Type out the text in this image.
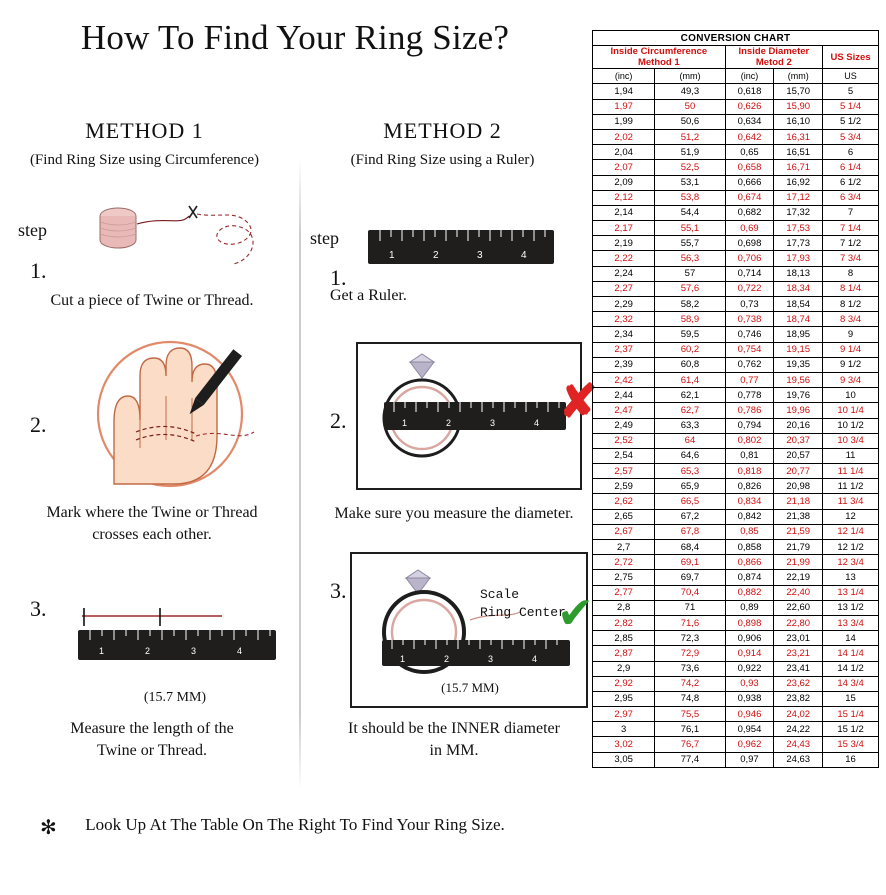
How To Find Your Ring Size?
METHOD 1
(Find Ring Size using Circumference)
METHOD 2
(Find Ring Size using a Ruler)
step
1.
Cut a piece of Twine or Thread.
2.
Mark where the Twine or Thread
crosses each other.
3.
1	2	3	4
(15.7 MM)
Measure the length of the
Twine or Thread.
step
1.
1	2	3	4
Get a Ruler.
2.	1	2	3	4 ✘
Make sure you measure the diameter.
3.
1	2	3	4
Scale
Ring Center
✔
(15.7 MM)
It should be the INNER diameter
in MM.
✻	Look Up At The Table On The Right To Find Your Ring Size.
CONVERSION CHART				

Inside Circumference
Method 1

Inside Diameter
Metod 2	US Sizes
(inc)	(mm)	(inc)	(mm)	US
1,94	49,3	0,618	15,70	5
1,97	50	0,626	15,90	5 1/4
1,99	50,6	0,634	16,10	5 1/2
2,02	51,2	0,642	16,31	5 3/4
2,04	51,9	0,65	16,51	6
2,07	52,5	0,658	16,71	6 1/4
2,09	53,1	0,666	16,92	6 1/2
2,12	53,8	0,674	17,12	6 3/4
2,14	54,4	0,682	17,32	7
2,17	55,1	0,69	17,53	7 1/4
2,19	55,7	0,698	17,73	7 1/2
2,22	56,3	0,706	17,93	7 3/4
2,24	57	0,714	18,13	8
2,27	57,6	0,722	18,34	8 1/4
2,29	58,2	0,73	18,54	8 1/2
2,32	58,9	0,738	18,74	8 3/4
2,34	59,5	0,746	18,95	9
2,37	60,2	0,754	19,15	9 1/4
2,39	60,8	0,762	19,35	9 1/2
2,42	61,4	0,77	19,56	9 3/4
2,44	62,1	0,778	19,76	10
2,47	62,7	0,786	19,96	10 1/4
2,49	63,3	0,794	20,16	10 1/2
2,52	64	0,802	20,37	10 3/4
2,54	64,6	0,81	20,57	11
2,57	65,3	0,818	20,77	11 1/4
2,59	65,9	0,826	20,98	11 1/2
2,62	66,5	0,834	21,18	11 3/4
2,65	67,2	0,842	21,38	12
2,67	67,8	0,85	21,59	12 1/4
2,7	68,4	0,858	21,79	12 1/2
2,72	69,1	0,866	21,99	12 3/4
2,75	69,7	0,874	22,19	13
2,77	70,4	0,882	22,40	13 1/4
2,8	71	0,89	22,60	13 1/2
2,82	71,6	0,898	22,80	13 3/4
2,85	72,3	0,906	23,01	14
2,87	72,9	0,914	23,21	14 1/4
2,9	73,6	0,922	23,41	14 1/2
2,92	74,2	0,93	23,62	14 3/4
2,95	74,8	0,938	23,82	15
2,97	75,5	0,946	24,02	15 1/4
3	76,1	0,954	24,22	15 1/2
3,02	76,7	0,962	24,43	15 3/4
3,05	77,4	0,97	24,63	16
